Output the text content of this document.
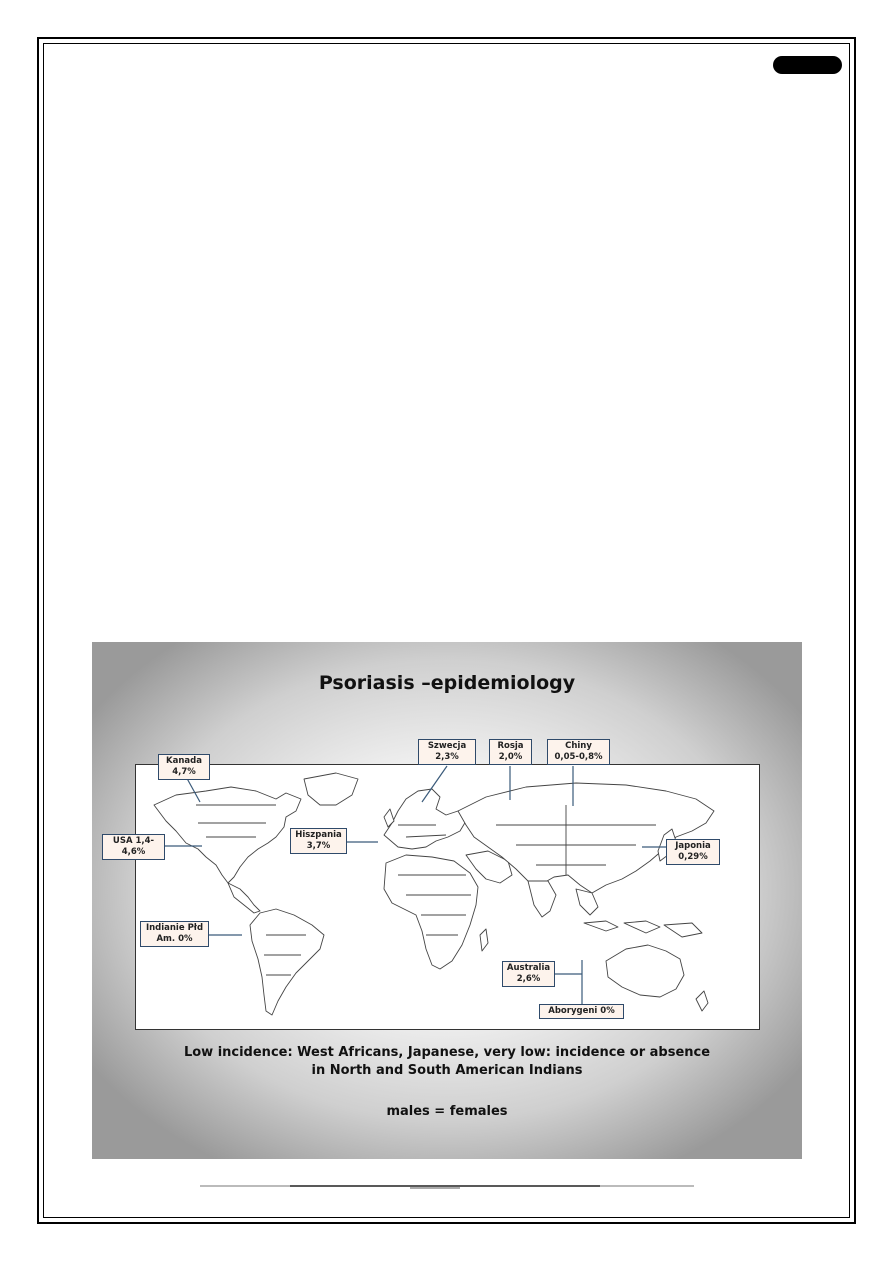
Psoriasis –epidemiology
Kanada
4,7%
USA 1,4-
4,6%
Hiszpania
3,7%
Szwecja
2,3%
Rosja
2,0%
Chiny
0,05-0,8%
Japonia
0,29%
Indianie Płd
Am. 0%
Australia
2,6%
Aborygeni 0%
Low incidence: West Africans, Japanese, very low: incidence or absence
in North and South American Indians
males = females
